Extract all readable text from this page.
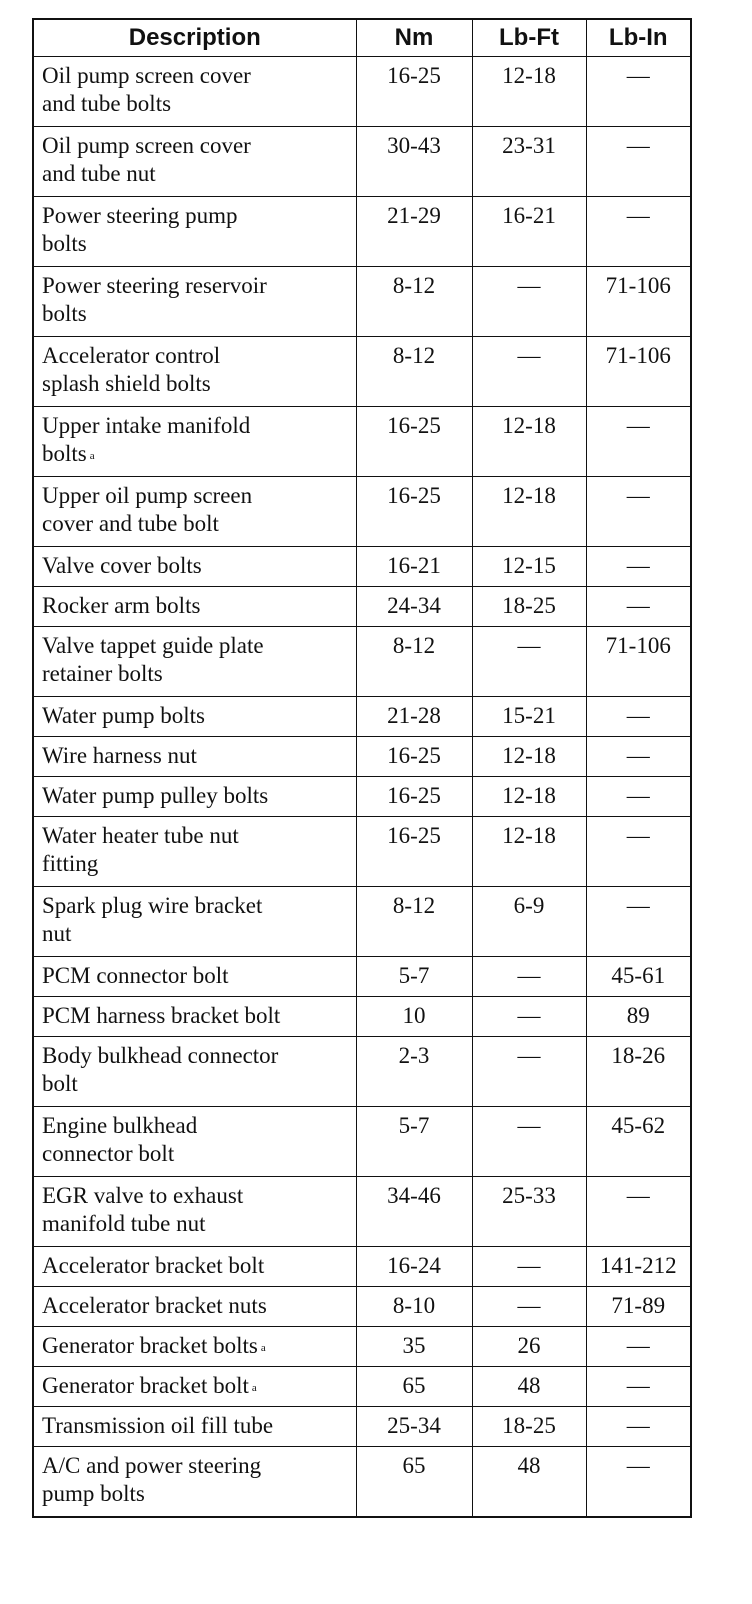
Description	Nm	Lb-Ft	Lb-In

Oil pump screen cover
and tube bolts	16-25	12-18	—

Oil pump screen cover
and tube nut	30-43	23-31	—

Power steering pump
bolts	21-29	16-21	—

Power steering reservoir
bolts	8-12	—	71-106

Accelerator control
splash shield bolts	8-12	—	71-106

Upper intake manifold
bolts $^a$	16-25	12-18	—

Upper oil pump screen
cover and tube bolt	16-25	12-18	—

Valve cover bolts	16-21	12-15	—

Rocker arm bolts	24-34	18-25	—

Valve tappet guide plate
retainer bolts	8-12	—	71-106

Water pump bolts	21-28	15-21	—

Wire harness nut	16-25	12-18	—

Water pump pulley bolts	16-25	12-18	—

Water heater tube nut
fitting	16-25	12-18	—

Spark plug wire bracket
nut	8-12	6-9	—

PCM connector bolt	5-7	—	45-61

PCM harness bracket bolt	10	—	89

Body bulkhead connector
bolt	2-3	—	18-26

Engine bulkhead
connector bolt	5-7	—	45-62

EGR valve to exhaust
manifold tube nut	34-46	25-33	—

Accelerator bracket bolt	16-24	—	141-212

Accelerator bracket nuts	8-10	—	71-89

Generator bracket bolts $^a$	35	26	—

Generator bracket bolt $^a$	65	48	—

Transmission oil fill tube	25-34	18-25	—

A/C and power steering
pump bolts	65	48	—
